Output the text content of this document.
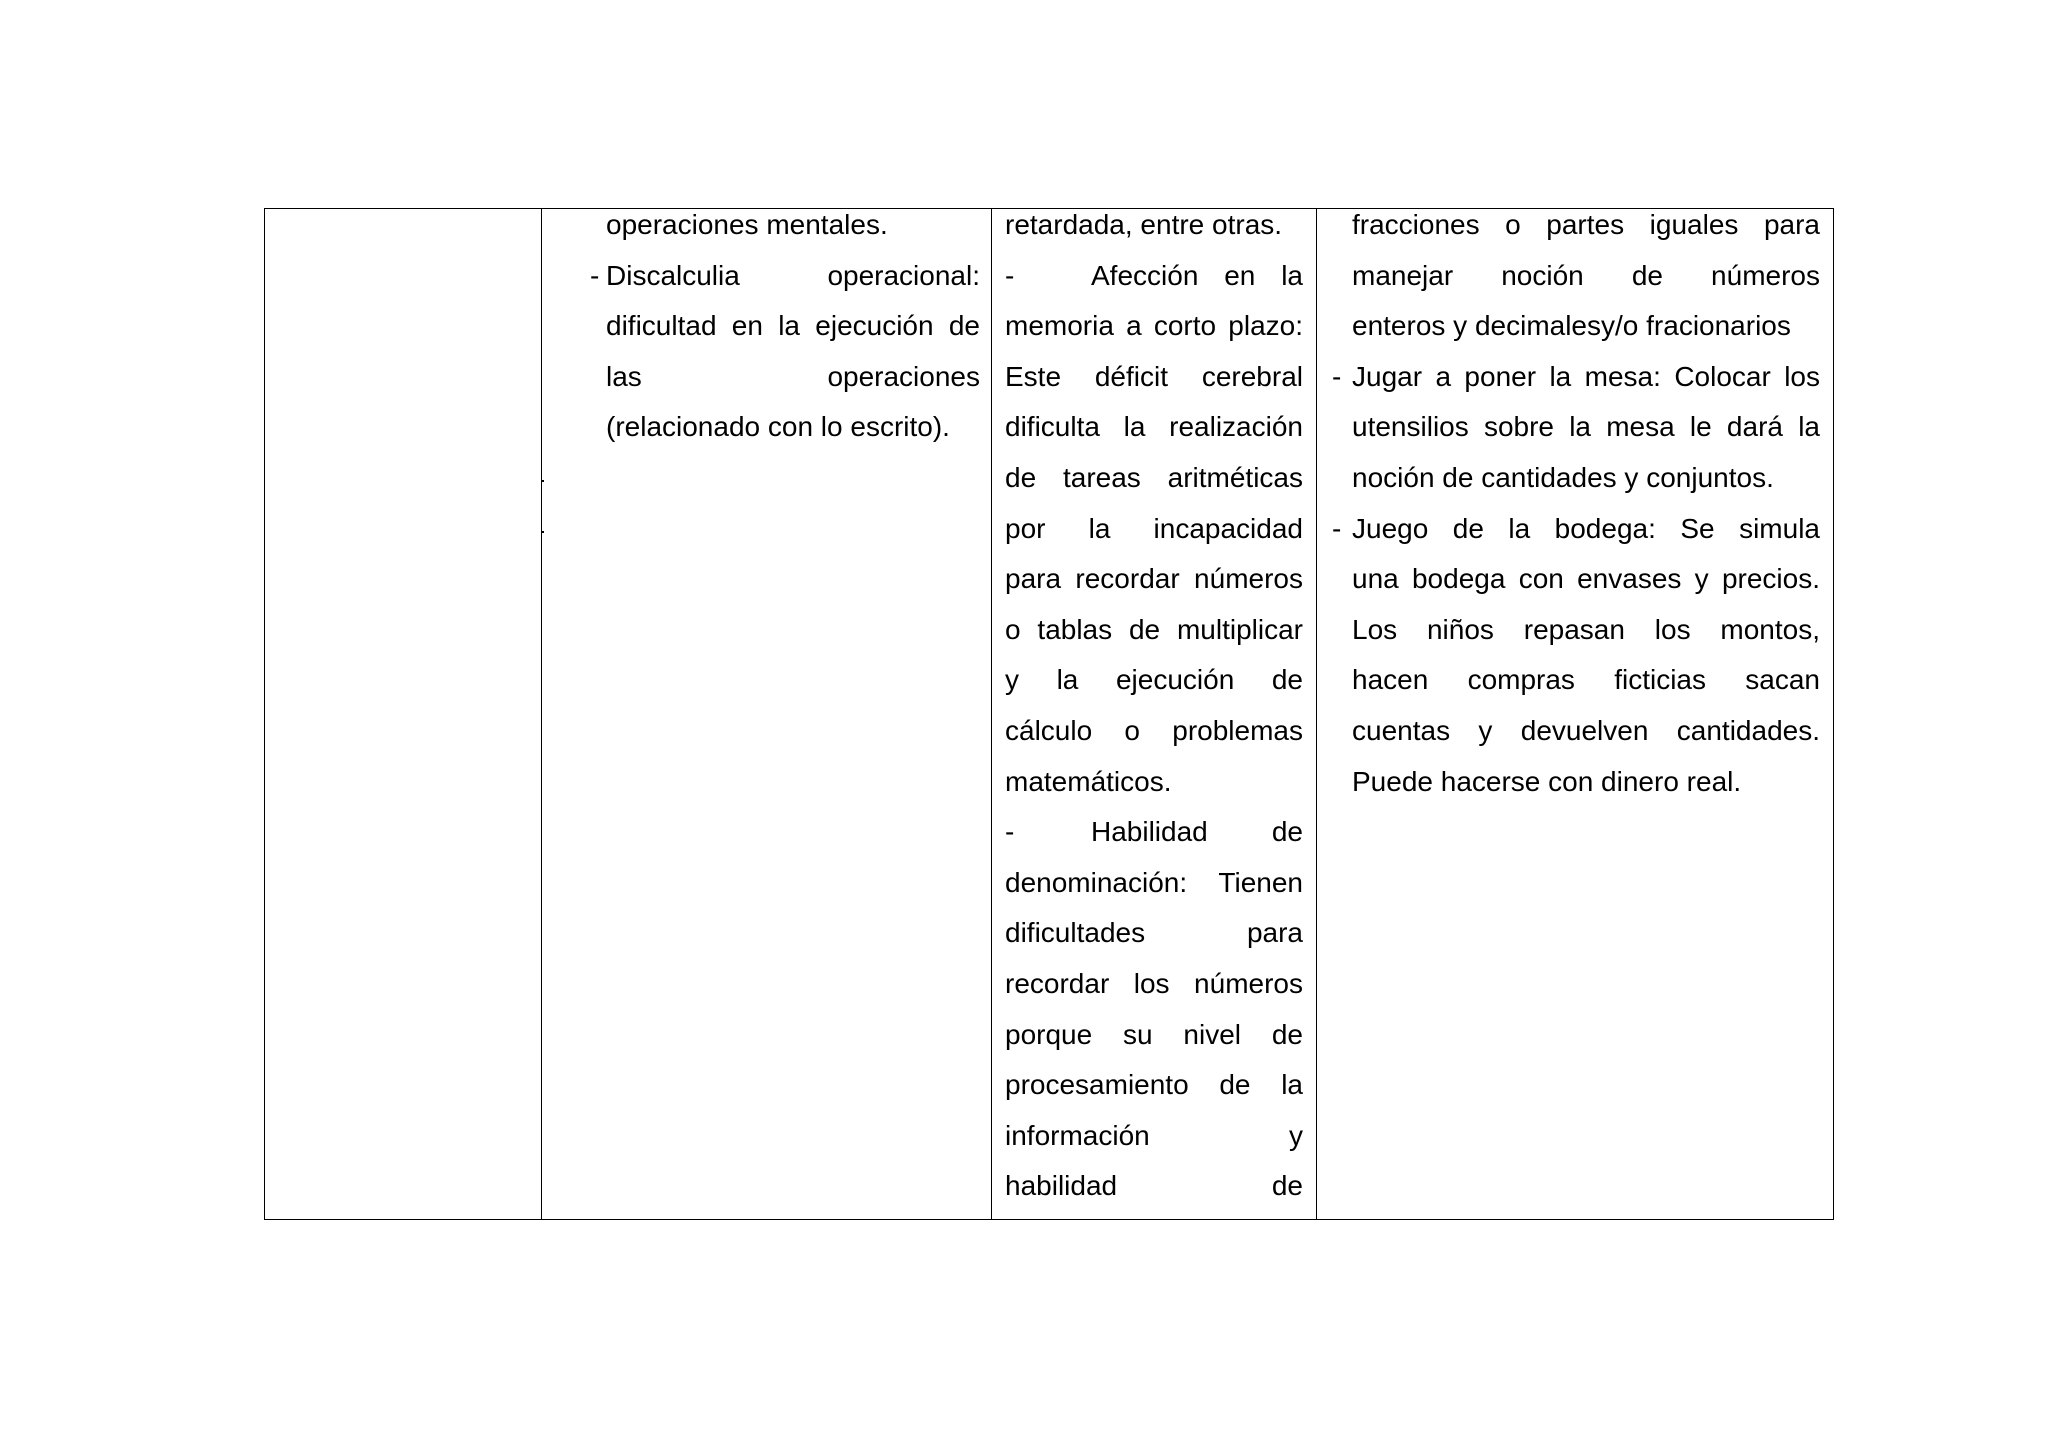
operaciones mentales.
- Discalculia operacional:
dificultad en la ejecución de
las operaciones
(relacionado con lo escrito).
retardada, entre otras.
-	Afección en la
memoria a corto plazo:
Este déficit cerebral
dificulta la realización
de tareas aritméticas
por la incapacidad
para recordar números
o tablas de multiplicar
y la ejecución de
cálculo o problemas
matemáticos.
-	Habilidad de
denominación: Tienen
dificultades para
recordar los números
porque su nivel de
procesamiento de la
información y
habilidad de
fracciones o partes iguales para
manejar noción de números
enteros y decimalesy/o fracionarios
- Jugar a poner la mesa: Colocar los
utensilios sobre la mesa le dará la
noción de cantidades y conjuntos.
- Juego de la bodega: Se simula
una bodega con envases y precios.
Los niños repasan los montos,
hacen compras ficticias sacan
cuentas y devuelven cantidades.
Puede hacerse con dinero real.
